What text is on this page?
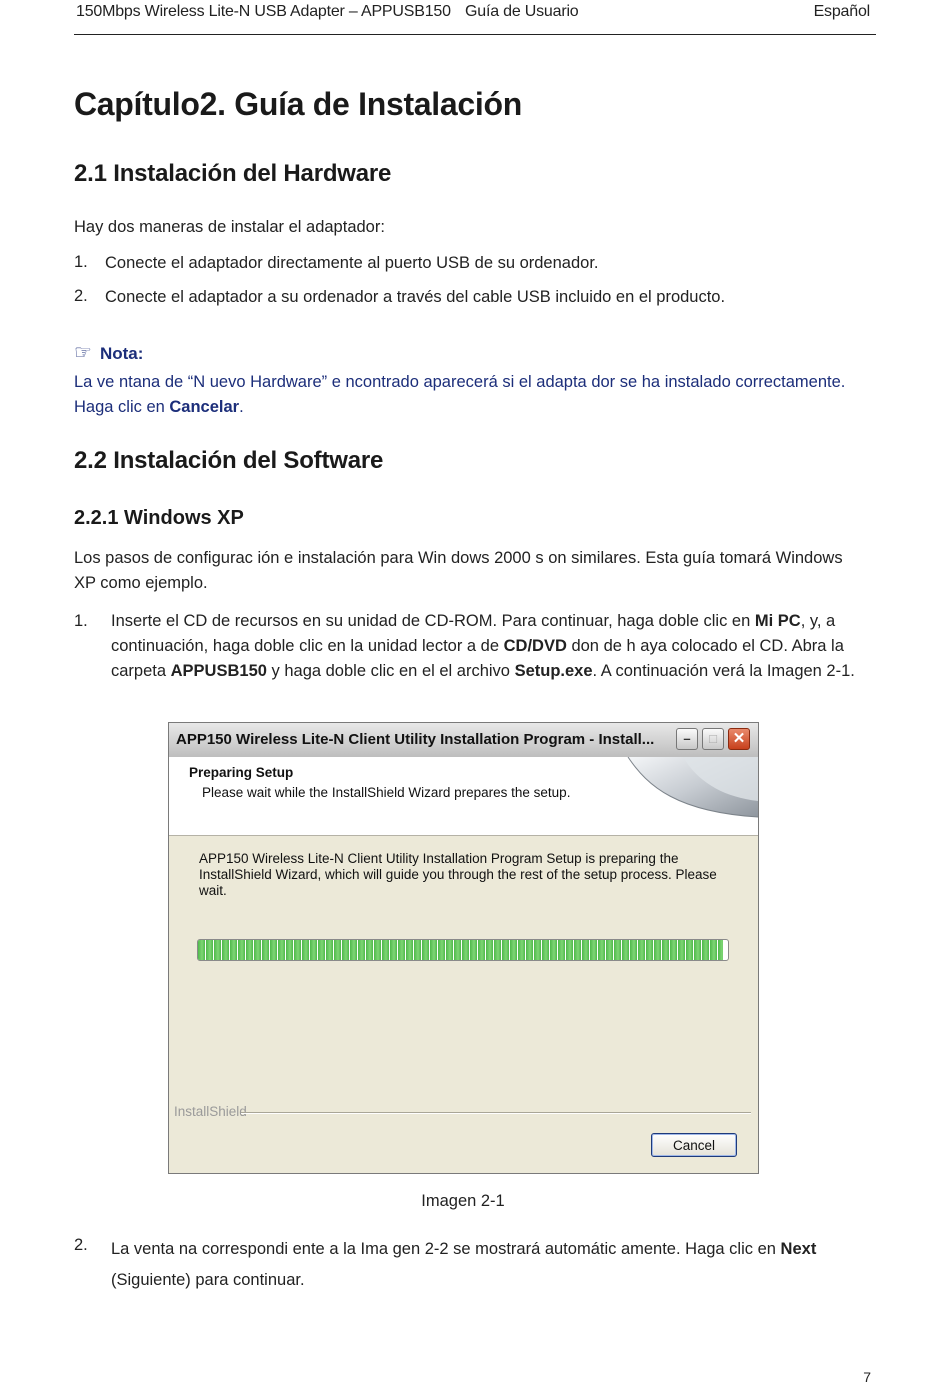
150Mbps Wireless Lite-N USB Adapter – APPUSB150 Guía de Usuario	Español
Capítulo2. Guía de Instalación
2.1 Instalación del Hardware
Hay dos maneras de instalar el adaptador:
1. Conecte el adaptador directamente al puerto USB de su ordenador.
2. Conecte el adaptador a su ordenador a través del cable USB incluido en el producto.
☞ Nota:
La ve ntana de “N uevo Hardware” e ncontrado aparecerá si el adapta dor se ha instalado correctamente. Haga clic en Cancelar.
2.2 Instalación del Software
2.2.1 Windows XP
Los pasos de configurac ión e instalación para Win dows 2000 s on similares. Esta guía tomará Windows XP como ejemplo.
1. Inserte el CD de recursos en su unidad de CD-ROM. Para continuar, haga doble clic en Mi PC, y, a continuación, haga doble clic en la unidad lector a de CD/DVD don de h aya colocado el CD. Abra la carpeta APPUSB150 y haga doble clic en el el archivo Setup.exe. A continuación verá la Imagen 2-1.
APP150 Wireless Lite-N Client Utility Installation Program - Install...	–	□	✕
Preparing Setup
Please wait while the InstallShield Wizard prepares the setup.
APP150 Wireless Lite-N Client Utility Installation Program Setup is preparing the InstallShield Wizard, which will guide you through the rest of the setup process. Please wait.
InstallShield
Cancel
Imagen 2-1
2. La venta na correspondi ente a la Ima gen 2-2 se mostrará automátic amente. Haga clic en Next (Siguiente) para continuar.
7
